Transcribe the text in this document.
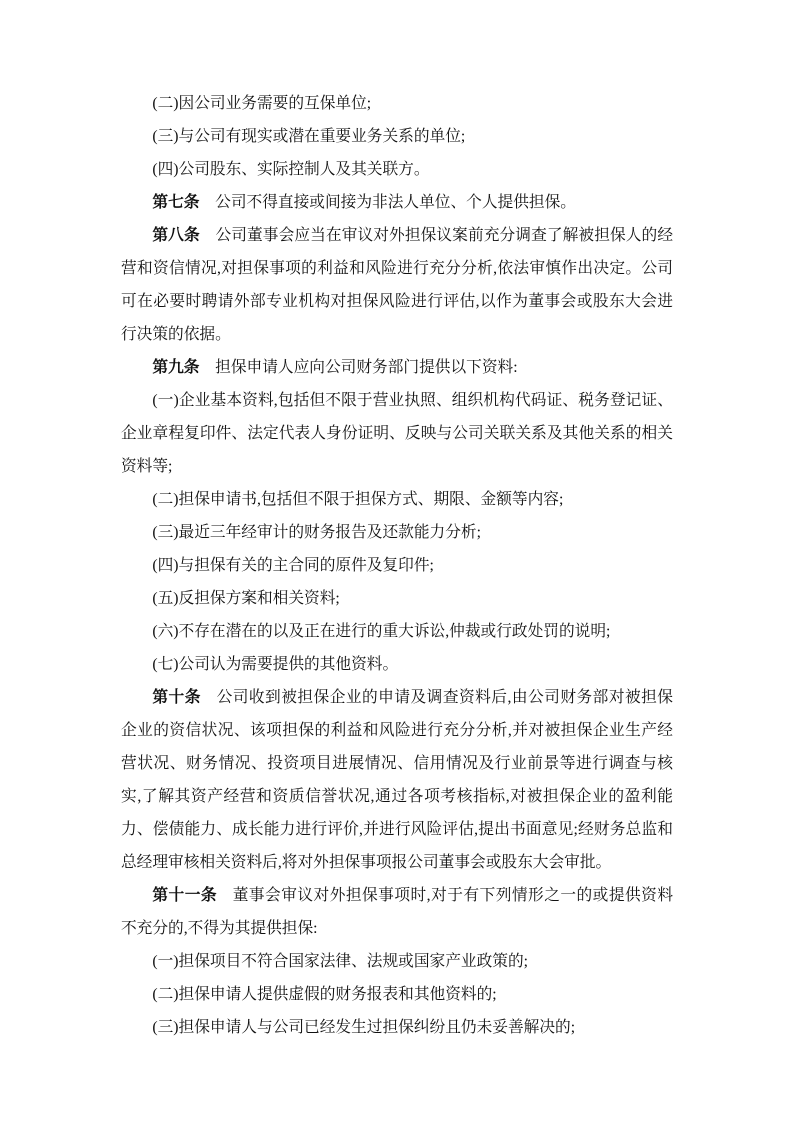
(二)因公司业务需要的互保单位;

(三)与公司有现实或潜在重要业务关系的单位;

(四)公司股东、实际控制人及其关联方。

第七条 公司不得直接或间接为非法人单位、个人提供担保。

第八条 公司董事会应当在审议对外担保议案前充分调查了解被担保人的经营和资信情况,对担保事项的利益和风险进行充分分析,依法审慎作出决定。公司可在必要时聘请外部专业机构对担保风险进行评估,以作为董事会或股东大会进行决策的依据。

第九条 担保申请人应向公司财务部门提供以下资料:

(一)企业基本资料,包括但不限于营业执照、组织机构代码证、税务登记证、企业章程复印件、法定代表人身份证明、反映与公司关联关系及其他关系的相关资料等;

(二)担保申请书,包括但不限于担保方式、期限、金额等内容;

(三)最近三年经审计的财务报告及还款能力分析;

(四)与担保有关的主合同的原件及复印件;

(五)反担保方案和相关资料;

(六)不存在潜在的以及正在进行的重大诉讼,仲裁或行政处罚的说明;

(七)公司认为需要提供的其他资料。

第十条 公司收到被担保企业的申请及调查资料后,由公司财务部对被担保企业的资信状况、该项担保的利益和风险进行充分分析,并对被担保企业生产经营状况、财务情况、投资项目进展情况、信用情况及行业前景等进行调查与核实,了解其资产经营和资质信誉状况,通过各项考核指标,对被担保企业的盈利能力、偿债能力、成长能力进行评价,并进行风险评估,提出书面意见;经财务总监和总经理审核相关资料后,将对外担保事项报公司董事会或股东大会审批。

第十一条 董事会审议对外担保事项时,对于有下列情形之一的或提供资料不充分的,不得为其提供担保:

(一)担保项目不符合国家法律、法规或国家产业政策的;

(二)担保申请人提供虚假的财务报表和其他资料的;

(三)担保申请人与公司已经发生过担保纠纷且仍未妥善解决的;
